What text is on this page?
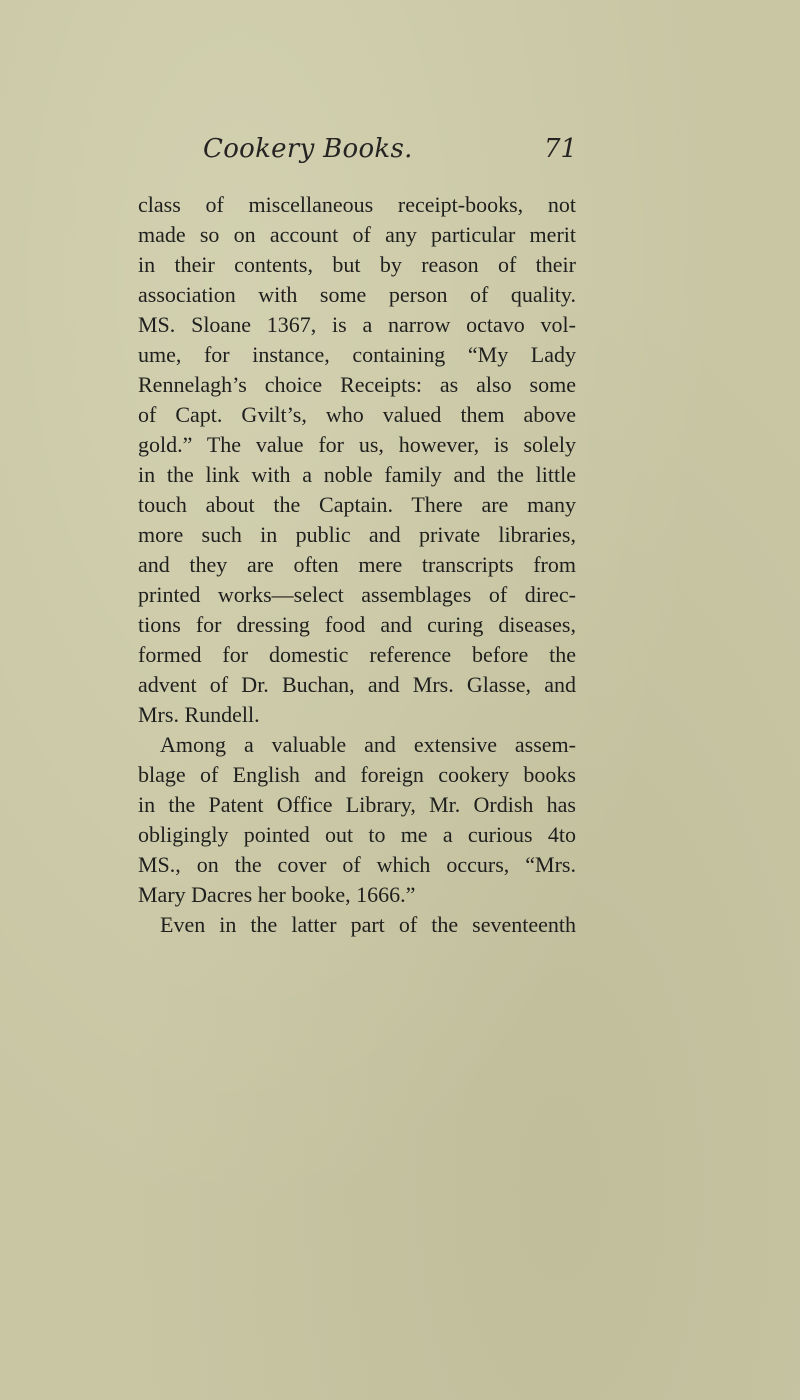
Cookery Books.	71
class of miscellaneous receipt-books, not
made so on account of any particular merit
in their contents, but by reason of their
association with some person of quality.
MS. Sloane 1367, is a narrow octavo vol-
ume, for instance, containing “My Lady
Rennelagh’s choice Receipts: as also some
of Capt. Gvilt’s, who valued them above
gold.” The value for us, however, is solely
in the link with a noble family and the little
touch about the Captain. There are many
more such in public and private libraries,
and they are often mere transcripts from
printed works—select assemblages of direc-
tions for dressing food and curing diseases,
formed for domestic reference before the
advent of Dr. Buchan, and Mrs. Glasse, and
Mrs. Rundell.
Among a valuable and extensive assem-
blage of English and foreign cookery books
in the Patent Office Library, Mr. Ordish has
obligingly pointed out to me a curious 4to
MS., on the cover of which occurs, “Mrs.
Mary Dacres her booke, 1666.”
Even in the latter part of the seventeenth
